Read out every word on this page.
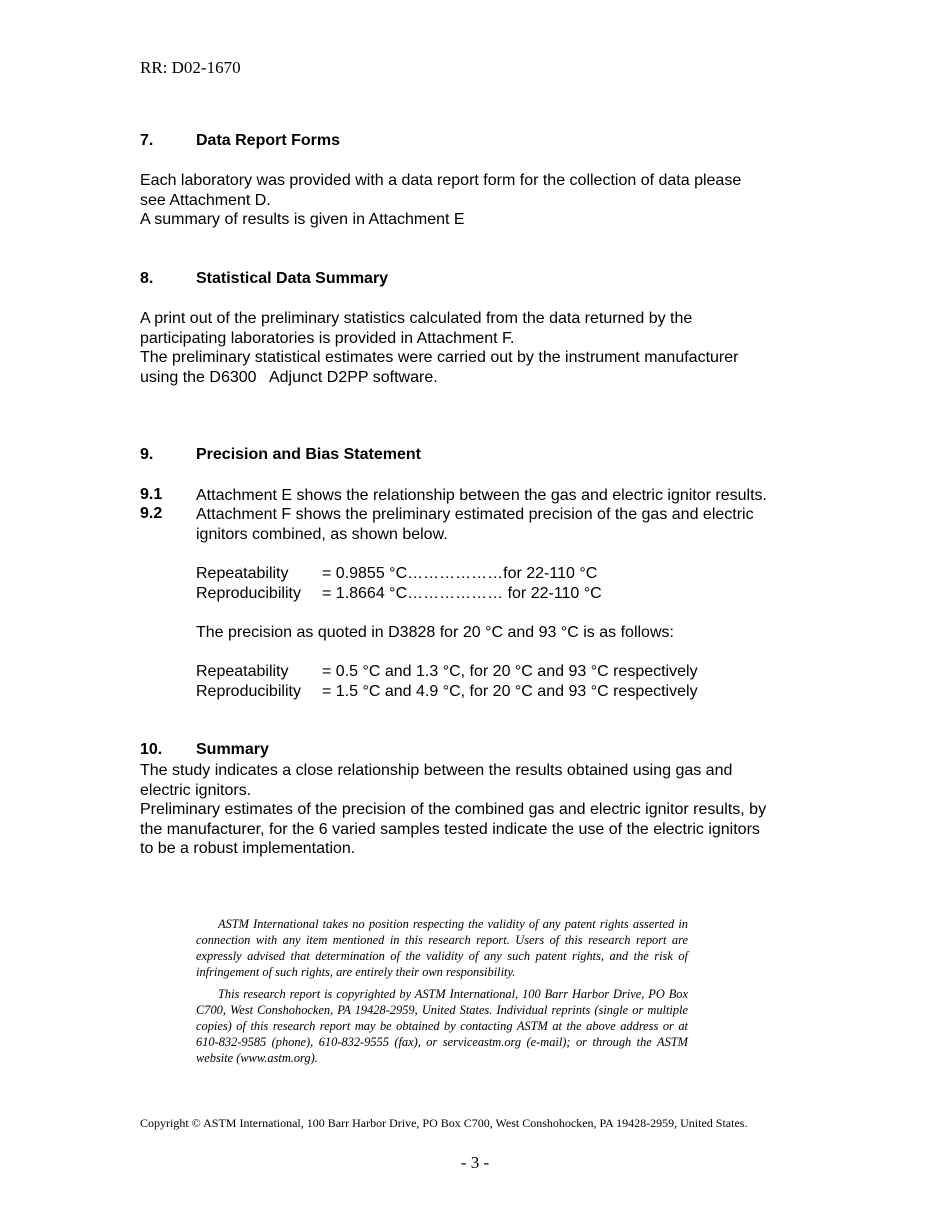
RR: D02-1670
7.	Data Report Forms

Each laboratory was provided with a data report form for the collection of data please

see Attachment D.

A summary of results is given in Attachment E

8.	Statistical Data Summary

A print out of the preliminary statistics calculated from the data returned by the

participating laboratories is provided in Attachment F.

The preliminary statistical estimates were carried out by the instrument manufacturer

using the D6300   Adjunct D2PP software.

9.	Precision and Bias Statement
9.1 Attachment E shows the relationship between the gas and electric ignitor results.
9.2 Attachment F shows the preliminary estimated precision of the gas and electric
ignitors combined, as shown below.
Repeatability = 0.9855 °C………………for 22-110 °C
Reproducibility = 1.8664 °C……………… for 22-110 °C
The precision as quoted in D3828 for 20 °C and 93 °C is as follows:
Repeatability = 0.5 °C and 1.3 °C, for 20 °C and 93 °C respectively
Reproducibility = 1.5 °C and 4.9 °C, for 20 °C and 93 °C respectively
10. Summary

The study indicates a close relationship between the results obtained using gas and

electric ignitors.

Preliminary estimates of the precision of the combined gas and electric ignitor results, by

the manufacturer, for the 6 varied samples tested indicate the use of the electric ignitors

to be a robust implementation.

ASTM International takes no position respecting the validity of any patent rights asserted in connection with any item mentioned in this research report. Users of this research report are expressly advised that determination of the validity of any such patent rights, and the risk of infringement of such rights, are entirely their own responsibility.

This research report is copyrighted by ASTM International, 100 Barr Harbor Drive, PO Box C700, West Conshohocken, PA 19428-2959, United States. Individual reprints (single or multiple copies) of this research report may be obtained by contacting ASTM at the above address or at 610-832-9585 (phone), 610-832-9555 (fax), or serviceastm.org (e-mail); or through the ASTM website (www.astm.org).

Copyright © ASTM International, 100 Barr Harbor Drive, PO Box C700, West Conshohocken, PA 19428-2959, United States.
- 3 -
